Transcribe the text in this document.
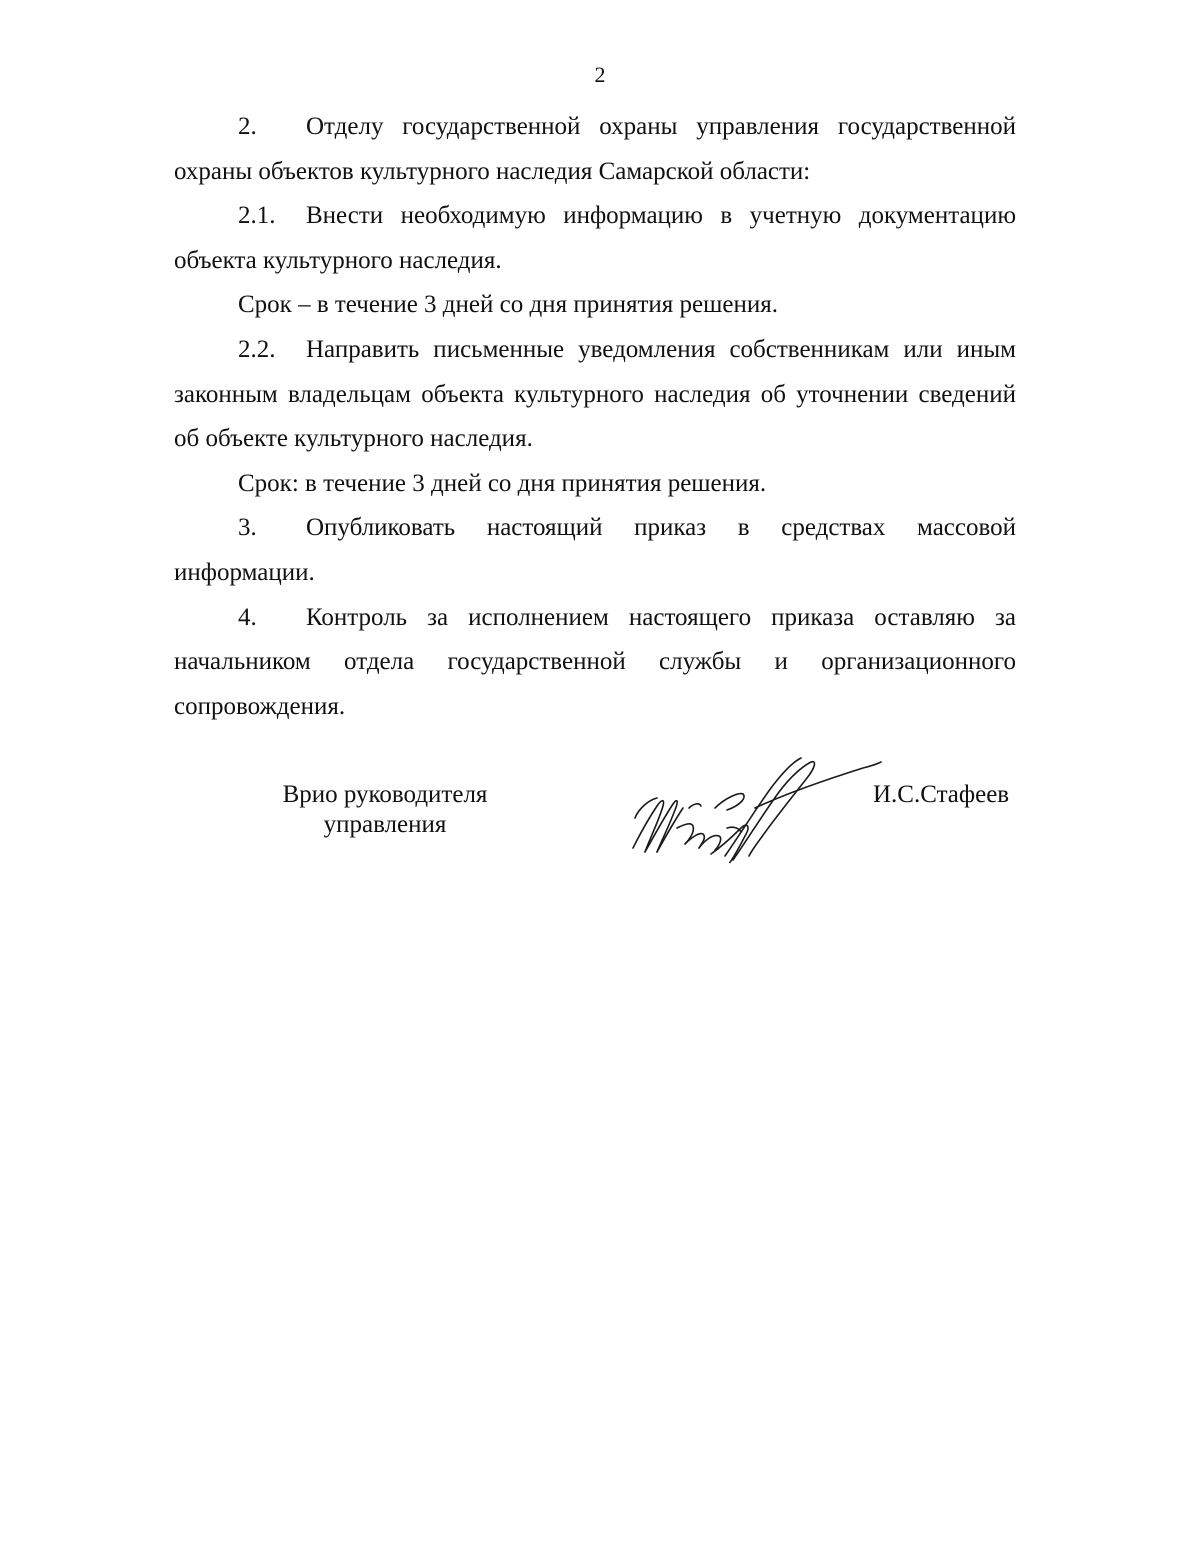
2

2. Отделу государственной охраны управления государственной охраны объектов культурного наследия Самарской области:

2.1. Внести необходимую информацию в учетную документацию объекта культурного наследия.

Срок – в течение 3 дней со дня принятия решения.

2.2. Направить письменные уведомления собственникам или иным законным владельцам объекта культурного наследия об уточнении сведений об объекте культурного наследия.

Срок: в течение 3 дней со дня принятия решения.

3. Опубликовать настоящий приказ в средствах массовой информации.

4. Контроль за исполнением настоящего приказа оставляю за начальником отдела государственной службы и организационного сопровождения.

Врио руководителя
управления
И.С.Стафеев
